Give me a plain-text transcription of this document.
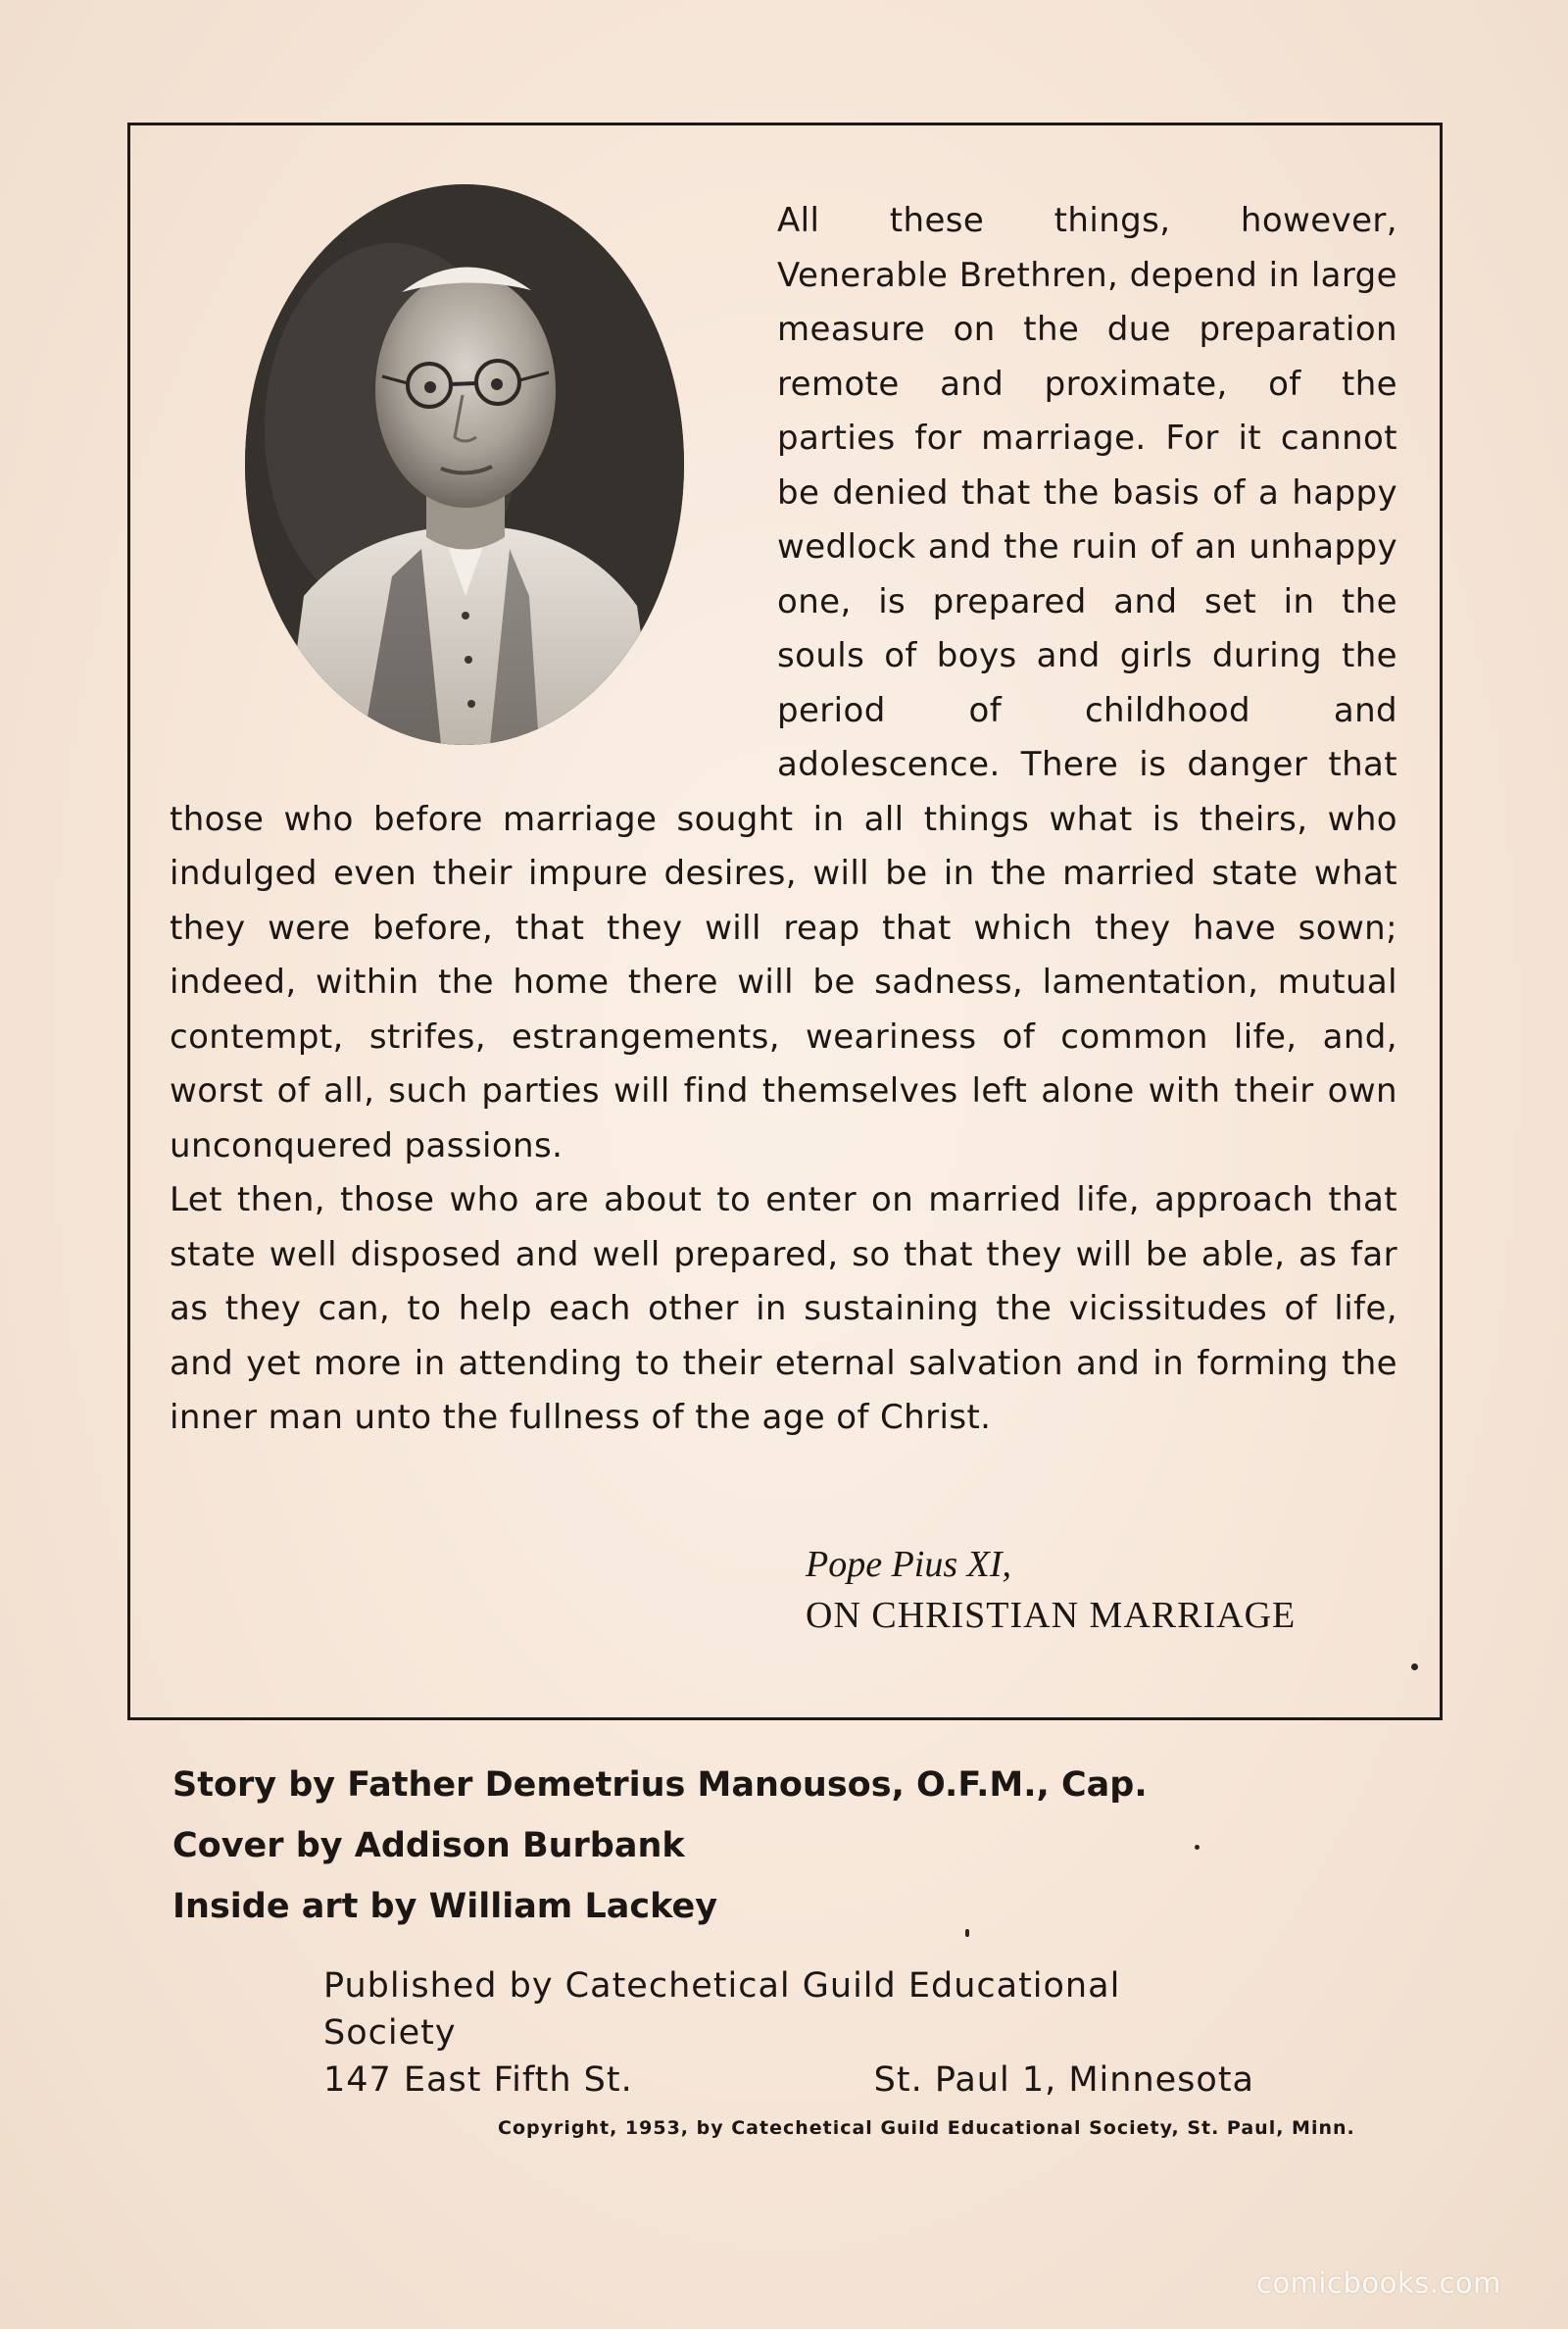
All these things, however, Venerable Brethren, depend in large measure on the due preparation remote and proximate, of the parties for marriage. For it cannot be denied that the basis of a happy wedlock and the ruin of an unhappy one, is prepared and set in the souls of boys and girls during the period of childhood and adolescence. There is danger that those who before marriage sought in all things what is theirs, who indulged even their impure desires, will be in the married state what they were before, that they will reap that which they have sown; indeed, within the home there will be sadness, lamentation, mutual contempt, strifes, estrangements, weariness of common life, and, worst of all, such parties will find themselves left alone with their own unconquered passions.

Let then, those who are about to enter on married life, approach that state well disposed and well prepared, so that they will be able, as far as they can, to help each other in sustaining the vicissitudes of life, and yet more in attending to their eternal salvation and in forming the inner man unto the fullness of the age of Christ.

Pope Pius XI,
ON CHRISTIAN MARRIAGE
Story by Father Demetrius Manousos, O.F.M., Cap.
Cover by Addison Burbank
Inside art by William Lackey
Published by Catechetical Guild Educational Society
147 East Fifth St.	St. Paul 1, Minnesota
Copyright, 1953, by Catechetical Guild Educational Society, St. Paul, Minn.
comicbooks.com
